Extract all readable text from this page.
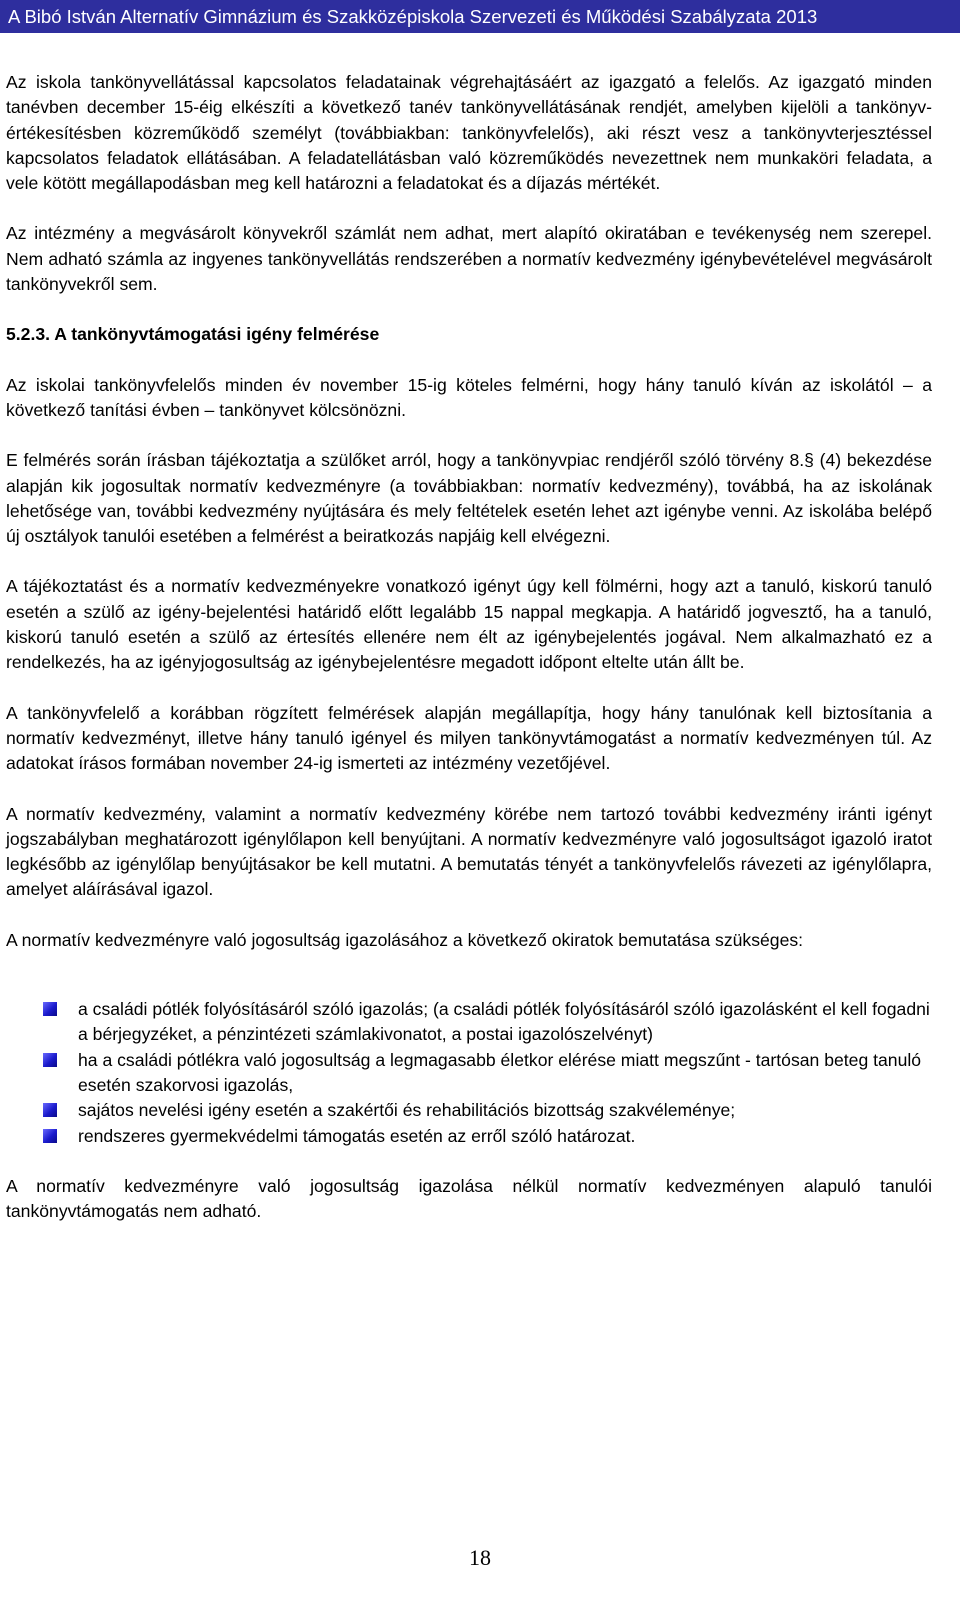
A Bibó István Alternatív Gimnázium és Szakközépiskola Szervezeti és Működési Szabályzata 2013

Az iskola tankönyvellátással kapcsolatos feladatainak végrehajtásáért az igazgató a felelős. Az igazgató minden tanévben december 15-éig elkészíti a következő tanév tankönyvellátásának rendjét, amelyben kijelöli a tankönyv-értékesítésben közreműködő személyt (továbbiakban: tankönyvfelelős), aki részt vesz a tankönyvterjesztéssel kapcsolatos feladatok ellátásában. A feladatellátásban való közreműködés nevezettnek nem munkaköri feladata, a vele kötött megállapodásban meg kell határozni a feladatokat és a díjazás mértékét.

Az intézmény a megvásárolt könyvekről számlát nem adhat, mert alapító okiratában e tevékenység nem szerepel. Nem adható számla az ingyenes tankönyvellátás rendszerében a normatív kedvezmény igénybevételével megvásárolt tankönyvekről sem.

5.2.3. A tankönyvtámogatási igény felmérése

Az iskolai tankönyvfelelős minden év november 15-ig köteles felmérni, hogy hány tanuló kíván az iskolától – a következő tanítási évben – tankönyvet kölcsönözni.

E felmérés során írásban tájékoztatja a szülőket arról, hogy a tankönyvpiac rendjéről szóló törvény 8.§ (4) bekezdése alapján kik jogosultak normatív kedvezményre (a továbbiakban: normatív kedvezmény), továbbá, ha az iskolának lehetősége van, további kedvezmény nyújtására és mely feltételek esetén lehet azt igénybe venni. Az iskolába belépő új osztályok tanulói esetében a felmérést a beiratkozás napjáig kell elvégezni.

A tájékoztatást és a normatív kedvezményekre vonatkozó igényt úgy kell fölmérni, hogy azt a tanuló, kiskorú tanuló esetén a szülő az igény-bejelentési határidő előtt legalább 15 nappal megkapja. A határidő jogvesztő, ha a tanuló, kiskorú tanuló esetén a szülő az értesítés ellenére nem élt az igénybejelentés jogával. Nem alkalmazható ez a rendelkezés, ha az igényjogosultság az igénybejelentésre megadott időpont eltelte után állt be.

A tankönyvfelelő a korábban rögzített felmérések alapján megállapítja, hogy hány tanulónak kell biztosítania a normatív kedvezményt, illetve hány tanuló igényel és milyen tankönyvtámogatást a normatív kedvezményen túl. Az adatokat írásos formában november 24-ig ismerteti az intézmény vezetőjével.

A normatív kedvezmény, valamint a normatív kedvezmény körébe nem tartozó további kedvezmény iránti igényt jogszabályban meghatározott igénylőlapon kell benyújtani. A normatív kedvezményre való jogosultságot igazoló iratot legkésőbb az igénylőlap benyújtásakor be kell mutatni. A bemutatás tényét a tankönyvfelelős rávezeti az igénylőlapra, amelyet aláírásával igazol.

A normatív kedvezményre való jogosultság igazolásához a következő okiratok bemutatása szükséges:

a családi pótlék folyósításáról szóló igazolás; (a családi pótlék folyósításáról szóló igazolásként el kell fogadni a bérjegyzéket, a pénzintézeti számlakivonatot, a postai igazolószelvényt)
ha a családi pótlékra való jogosultság a legmagasabb életkor elérése miatt megszűnt - tartósan beteg tanuló esetén szakorvosi igazolás,
sajátos nevelési igény esetén a szakértői és rehabilitációs bizottság szakvéleménye;
rendszeres gyermekvédelmi támogatás esetén az erről szóló határozat.

A normatív kedvezményre való jogosultság igazolása nélkül normatív kedvezményen alapuló tanulói tankönyvtámogatás nem adható.

18
